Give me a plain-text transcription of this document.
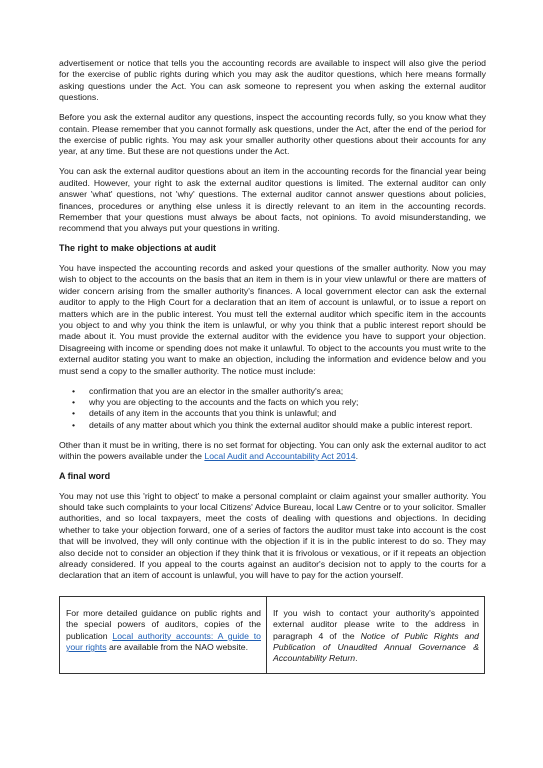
advertisement or notice that tells you the accounting records are available to inspect will also give the period for the exercise of public rights during which you may ask the auditor questions, which here means formally asking questions under the Act. You can ask someone to represent you when asking the external auditor questions.

Before you ask the external auditor any questions, inspect the accounting records fully, so you know what they contain. Please remember that you cannot formally ask questions, under the Act, after the end of the period for the exercise of public rights. You may ask your smaller authority other questions about their accounts for any year, at any time. But these are not questions under the Act.

You can ask the external auditor questions about an item in the accounting records for the financial year being audited. However, your right to ask the external auditor questions is limited. The external auditor can only answer 'what' questions, not 'why' questions. The external auditor cannot answer questions about policies, finances, procedures or anything else unless it is directly relevant to an item in the accounting records. Remember that your questions must always be about facts, not opinions. To avoid misunderstanding, we recommend that you always put your questions in writing.

The right to make objections at audit

You have inspected the accounting records and asked your questions of the smaller authority. Now you may wish to object to the accounts on the basis that an item in them is in your view unlawful or there are matters of wider concern arising from the smaller authority's finances. A local government elector can ask the external auditor to apply to the High Court for a declaration that an item of account is unlawful, or to issue a report on matters which are in the public interest. You must tell the external auditor which specific item in the accounts you object to and why you think the item is unlawful, or why you think that a public interest report should be made about it. You must provide the external auditor with the evidence you have to support your objection. Disagreeing with income or spending does not make it unlawful. To object to the accounts you must write to the external auditor stating you want to make an objection, including the information and evidence below and you must send a copy to the smaller authority. The notice must include:

• confirmation that you are an elector in the smaller authority's area;
• why you are objecting to the accounts and the facts on which you rely;
• details of any item in the accounts that you think is unlawful; and
• details of any matter about which you think the external auditor should make a public interest report.

Other than it must be in writing, there is no set format for objecting. You can only ask the external auditor to act within the powers available under the Local Audit and Accountability Act 2014.

A final word

You may not use this 'right to object' to make a personal complaint or claim against your smaller authority. You should take such complaints to your local Citizens' Advice Bureau, local Law Centre or to your solicitor. Smaller authorities, and so local taxpayers, meet the costs of dealing with questions and objections. In deciding whether to take your objection forward, one of a series of factors the auditor must take into account is the cost that will be involved, they will only continue with the objection if it is in the public interest to do so. They may also decide not to consider an objection if they think that it is frivolous or vexatious, or if it repeats an objection already considered. If you appeal to the courts against an auditor's decision not to apply to the courts for a declaration that an item of account is unlawful, you will have to pay for the action yourself.

For more detailed guidance on public rights and the special powers of auditors, copies of the publication Local authority accounts: A guide to your rights are available from the NAO website.
If you wish to contact your authority's appointed external auditor please write to the address in paragraph 4 of the Notice of Public Rights and Publication of Unaudited Annual Governance & Accountability Return.
